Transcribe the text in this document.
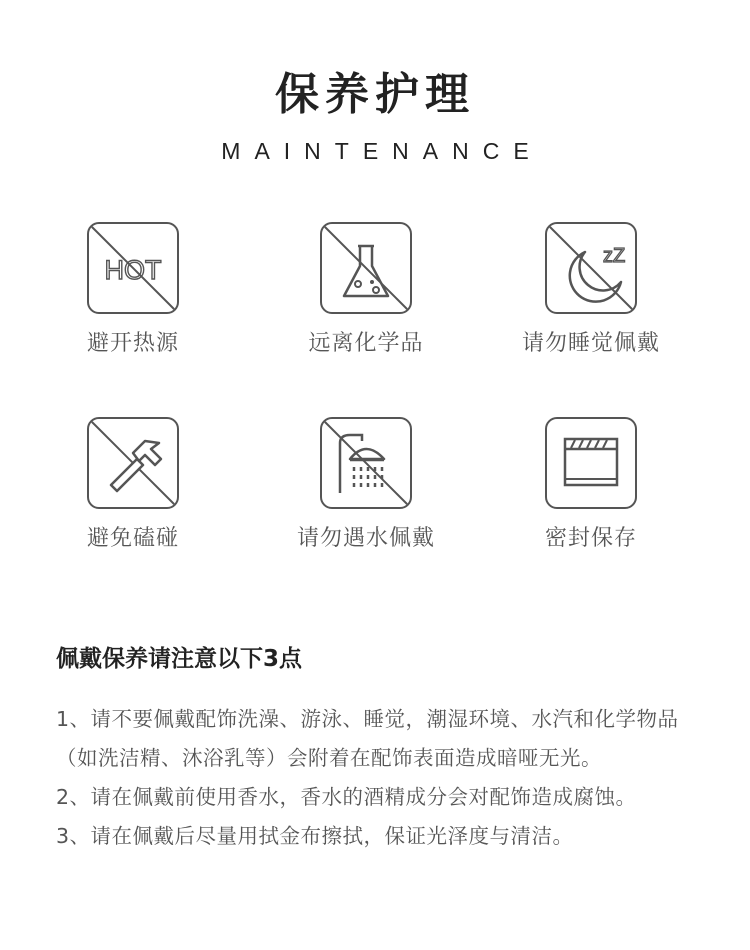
保养护理
MAINTENANCE
HOT
避开热源	远离化学品
zZ
请勿睡觉佩戴
避免磕碰	请勿遇水佩戴	密封保存
佩戴保养请注意以下3点

1、请不要佩戴配饰洗澡、游泳、睡觉，潮湿环境、水汽和化学物品（如洗洁精、沐浴乳等）会附着在配饰表面造成暗哑无光。

2、请在佩戴前使用香水，香水的酒精成分会对配饰造成腐蚀。

3、请在佩戴后尽量用拭金布擦拭，保证光泽度与清洁。
